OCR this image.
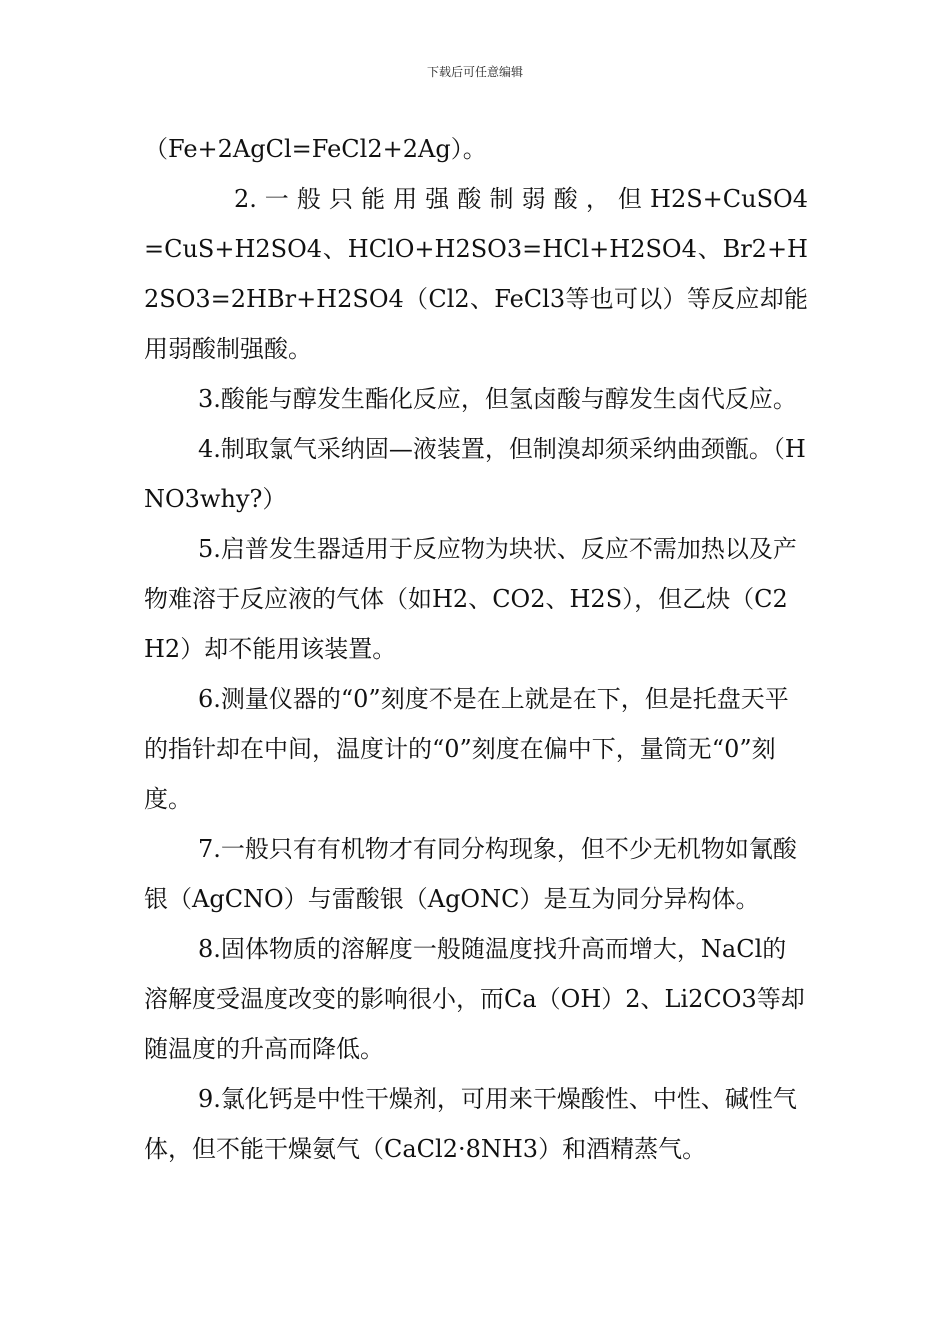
下载后可任意编辑

（Fe+2AgCl=FeCl2+2Ag）。

2. 一 般 只 能 用 强 酸 制 弱 酸 ， 但 H2S+CuSO4=CuS+H2SO4、HClO+H2SO3=HCl+H2SO4、Br2+H2SO3=2HBr+H2SO4（Cl2、FeCl3等也可以）等反应却能用弱酸制强酸。

3.酸能与醇发生酯化反应，但氢卤酸与醇发生卤代反应。

4.制取氯气采纳固—液装置，但制溴却须采纳曲颈甑。（HNO3why?）

5.启普发生器适用于反应物为块状、反应不需加热以及产物难溶于反应液的气体（如H2、CO2、H2S），但乙炔（C2H2）却不能用该装置。

6.测量仪器的“0”刻度不是在上就是在下，但是托盘天平的指针却在中间，温度计的“0”刻度在偏中下，量筒无“0”刻度。

7.一般只有有机物才有同分构现象，但不少无机物如氰酸银（AgCNO）与雷酸银（AgONC）是互为同分异构体。

8.固体物质的溶解度一般随温度找升高而增大，NaCl的溶解度受温度改变的影响很小，而Ca（OH）2、Li2CO3等却随温度的升高而降低。

9.氯化钙是中性干燥剂，可用来干燥酸性、中性、碱性气体，但不能干燥氨气（CaCl2·8NH3）和酒精蒸气。
